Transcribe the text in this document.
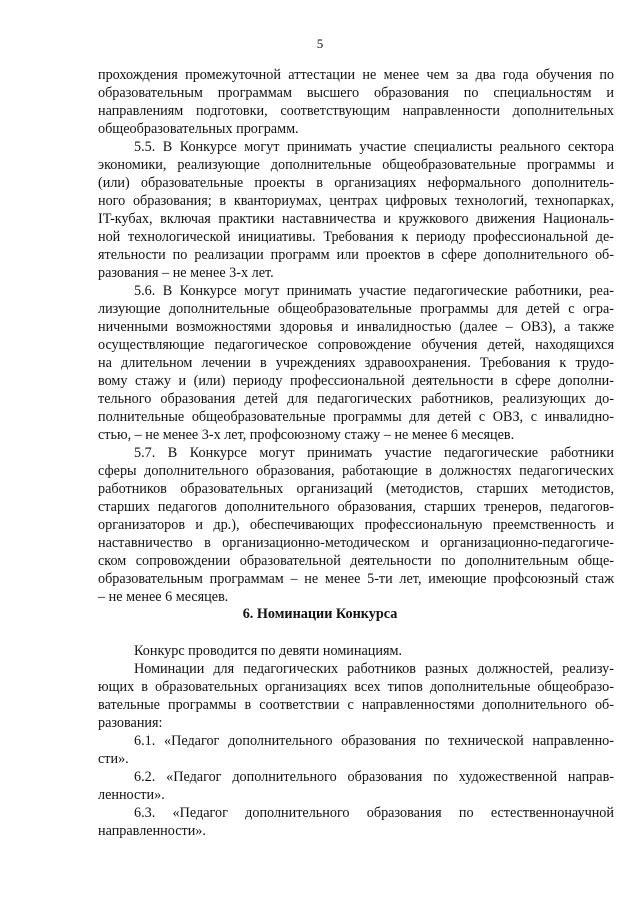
5
прохождения промежуточной аттестации не менее чем за два года обучения по
образовательным программам высшего образования по специальностям и
направлениям подготовки, соответствующим направленности дополнительных
общеобразовательных программ.
5.5. В Конкурсе могут принимать участие специалисты реального сектора
экономики, реализующие дополнительные общеобразовательные программы и
(или) образовательные проекты в организациях неформального дополнитель-
ного образования; в кванториумах, центрах цифровых технологий, технопарках,
IT-кубах, включая практики наставничества и кружкового движения Националь-
ной технологической инициативы. Требования к периоду профессиональной де-
ятельности по реализации программ или проектов в сфере дополнительного об-
разования – не менее 3-х лет.
5.6. В Конкурсе могут принимать участие педагогические работники, реа-
лизующие дополнительные общеобразовательные программы для детей с огра-
ниченными возможностями здоровья и инвалидностью (далее – ОВЗ), а также
осуществляющие педагогическое сопровождение обучения детей, находящихся
на длительном лечении в учреждениях здравоохранения. Требования к трудо-
вому стажу и (или) периоду профессиональной деятельности в сфере дополни-
тельного образования детей для педагогических работников, реализующих до-
полнительные общеобразовательные программы для детей с ОВЗ, с инвалидно-
стью, – не менее 3-х лет, профсоюзному стажу – не менее 6 месяцев.
5.7. В Конкурсе могут принимать участие педагогические работники
сферы дополнительного образования, работающие в должностях педагогических
работников образовательных организаций (методистов, старших методистов,
старших педагогов дополнительного образования, старших тренеров, педагогов-
организаторов и др.), обеспечивающих профессиональную преемственность и
наставничество в организационно-методическом и организационно-педагогиче-
ском сопровождении образовательной деятельности по дополнительным обще-
образовательным программам – не менее 5-ти лет, имеющие профсоюзный стаж
– не менее 6 месяцев.
6. Номинации Конкурса
Конкурс проводится по девяти номинациям.
Номинации для педагогических работников разных должностей, реализу-
ющих в образовательных организациях всех типов дополнительные общеобразо-
вательные программы в соответствии с направленностями дополнительного об-
разования:
6.1. «Педагог дополнительного образования по технической направленно-
сти».
6.2. «Педагог дополнительного образования по художественной направ-
ленности».
6.3. «Педагог дополнительного образования по естественнонаучной
направленности».
